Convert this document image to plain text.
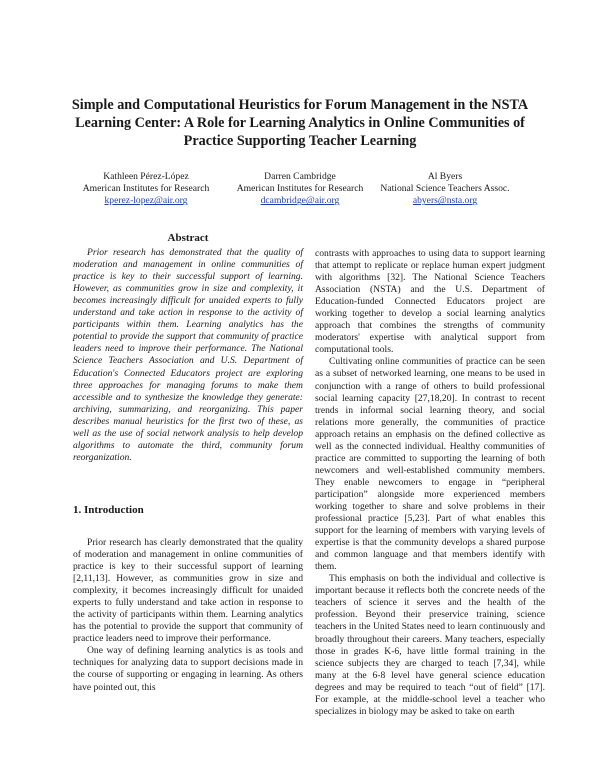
Simple and Computational Heuristics for Forum Management in the NSTA Learning Center: A Role for Learning Analytics in Online Communities of Practice Supporting Teacher Learning
Kathleen Pérez-López
American Institutes for Research
kperez-lopez@air.org
Darren Cambridge
American Institutes for Research
dcambridge@air.org
Al Byers
National Science Teachers Assoc.
abyers@nsta.org
Abstract

Prior research has demonstrated that the quality of moderation and management in online communities of practice is key to their successful support of learning. However, as communities grow in size and complexity, it becomes increasingly difficult for unaided experts to fully understand and take action in response to the activity of participants within them. Learning analytics has the potential to provide the support that community of practice leaders need to improve their performance. The National Science Teachers Association and U.S. Department of Education's Connected Educators project are exploring three approaches for managing forums to make them accessible and to synthesize the knowledge they generate: archiving, summarizing, and reorganizing. This paper describes manual heuristics for the first two of these, as well as the use of social network analysis to help develop algorithms to automate the third, community forum reorganization.

1. Introduction

Prior research has clearly demonstrated that the quality of moderation and management in online communities of practice is key to their successful support of learning [2,11,13]. However, as communities grow in size and complexity, it becomes increasingly difficult for unaided experts to fully understand and take action in response to the activity of participants within them. Learning analytics has the potential to provide the support that community of practice leaders need to improve their performance.

One way of defining learning analytics is as tools and techniques for analyzing data to support decisions made in the course of supporting or engaging in learning. As others have pointed out, this

contrasts with approaches to using data to support learning that attempt to replicate or replace human expert judgment with algorithms [32]. The National Science Teachers Association (NSTA) and the U.S. Department of Education-funded Connected Educators project are working together to develop a social learning analytics approach that combines the strengths of community moderators' expertise with analytical support from computational tools.

Cultivating online communities of practice can be seen as a subset of networked learning, one means to be used in conjunction with a range of others to build professional social learning capacity [27,18,20]. In contrast to recent trends in informal social learning theory, and social relations more generally, the communities of practice approach retains an emphasis on the defined collective as well as the connected individual. Healthy communities of practice are committed to supporting the learning of both newcomers and well-established community members. They enable newcomers to engage in “peripheral participation” alongside more experienced members working together to share and solve problems in their professional practice [5,23]. Part of what enables this support for the learning of members with varying levels of expertise is that the community develops a shared purpose and common language and that members identify with them.

This emphasis on both the individual and collective is important because it reflects both the concrete needs of the teachers of science it serves and the health of the profession. Beyond their preservice training, science teachers in the United States need to learn continuously and broadly throughout their careers. Many teachers, especially those in grades K-6, have little formal training in the science subjects they are charged to teach [7,34], while many at the 6-8 level have general science education degrees and may be required to teach “out of field” [17]. For example, at the middle-school level a teacher who specializes in biology may be asked to take on earth
